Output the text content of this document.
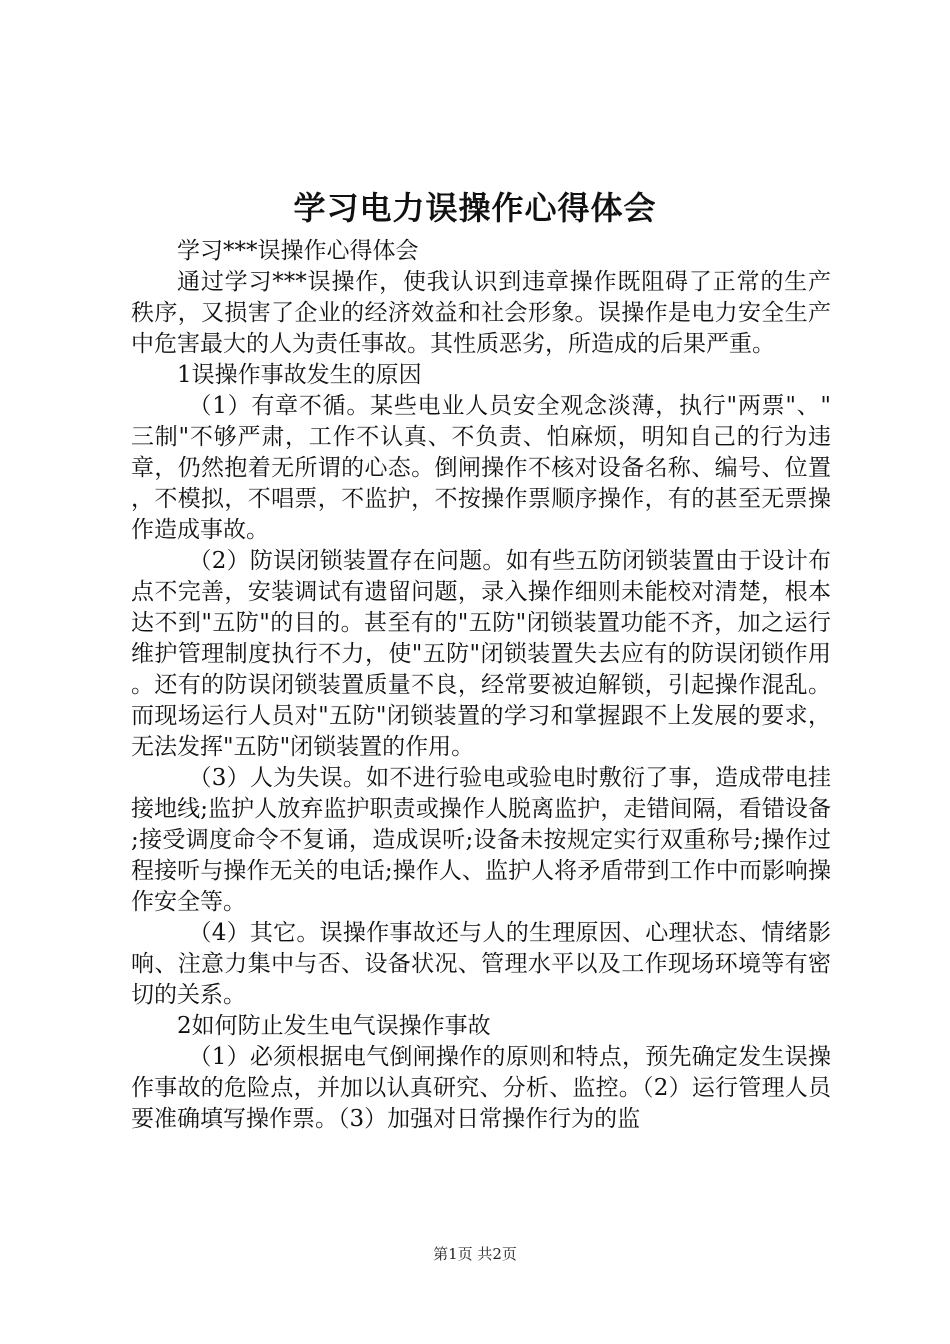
学习电力误操作心得体会

学习***误操作心得体会

通过学习***误操作，使我认识到违章操作既阻碍了正常的生产秩序，又损害了企业的经济效益和社会形象。误操作是电力安全生产中危害最大的人为责任事故。其性质恶劣，所造成的后果严重。

1误操作事故发生的原因

（1）有章不循。某些电业人员安全观念淡薄，执行"两票"、"三制"不够严肃，工作不认真、不负责、怕麻烦，明知自己的行为违章，仍然抱着无所谓的心态。倒闸操作不核对设备名称、编号、位置，不模拟，不唱票，不监护，不按操作票顺序操作，有的甚至无票操作造成事故。

（2）防误闭锁装置存在问题。如有些五防闭锁装置由于设计布点不完善，安装调试有遗留问题，录入操作细则未能校对清楚，根本达不到"五防"的目的。甚至有的"五防"闭锁装置功能不齐，加之运行维护管理制度执行不力，使"五防"闭锁装置失去应有的防误闭锁作用。还有的防误闭锁装置质量不良，经常要被迫解锁，引起操作混乱。而现场运行人员对"五防"闭锁装置的学习和掌握跟不上发展的要求，无法发挥"五防"闭锁装置的作用。

（3）人为失误。如不进行验电或验电时敷衍了事，造成带电挂接地线;监护人放弃监护职责或操作人脱离监护，走错间隔，看错设备;接受调度命令不复诵，造成误听;设备未按规定实行双重称号;操作过程接听与操作无关的电话;操作人、监护人将矛盾带到工作中而影响操作安全等。

（4）其它。误操作事故还与人的生理原因、心理状态、情绪影响、注意力集中与否、设备状况、管理水平以及工作现场环境等有密切的关系。

2如何防止发生电气误操作事故

（1）必须根据电气倒闸操作的原则和特点，预先确定发生误操作事故的危险点，并加以认真研究、分析、监控。（2）运行管理人员要准确填写操作票。（3）加强对日常操作行为的监

第1页 共2页
